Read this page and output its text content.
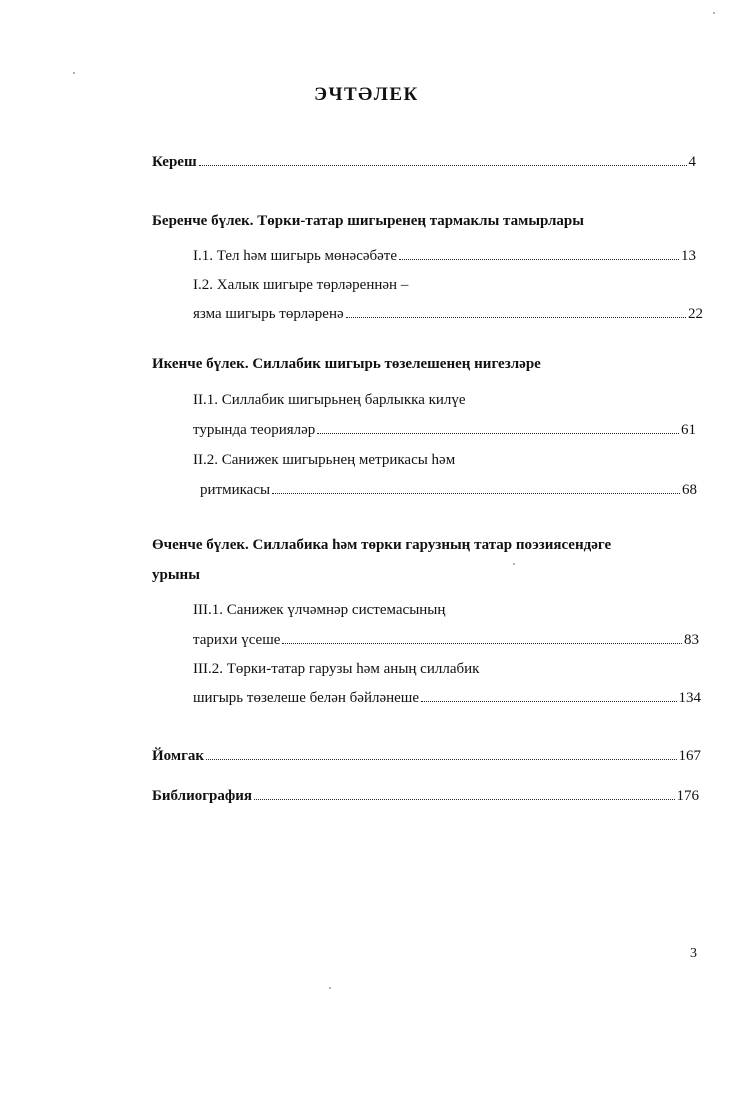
ЭЧТӘЛЕК
Кереш	4
Беренче бүлек. Төрки-татар шигыренең тармаклы тамырлары
I.1. Тел һәм шигырь мөнәсәбәте	13
I.2. Халык шигыре төрләреннән –
язма шигырь төрләренә	22
Икенче бүлек. Силлабик шигырь төзелешенең нигезләре
II.1. Силлабик шигырьнең барлыкка килүе
турында теорияләр	61
II.2. Санижек шигырьнең метрикасы һәм
ритмикасы	68
Өченче бүлек. Силлабика һәм төрки гарузның татар поэзиясендәге
урыны
III.1. Санижек үлчәмнәр системасының
тарихи үсеше	83
III.2. Төрки-татар гарузы һәм аның силлабик
шигырь төзелеше белән бәйләнеше	134
Йомгак	167
Библиография	176
3
